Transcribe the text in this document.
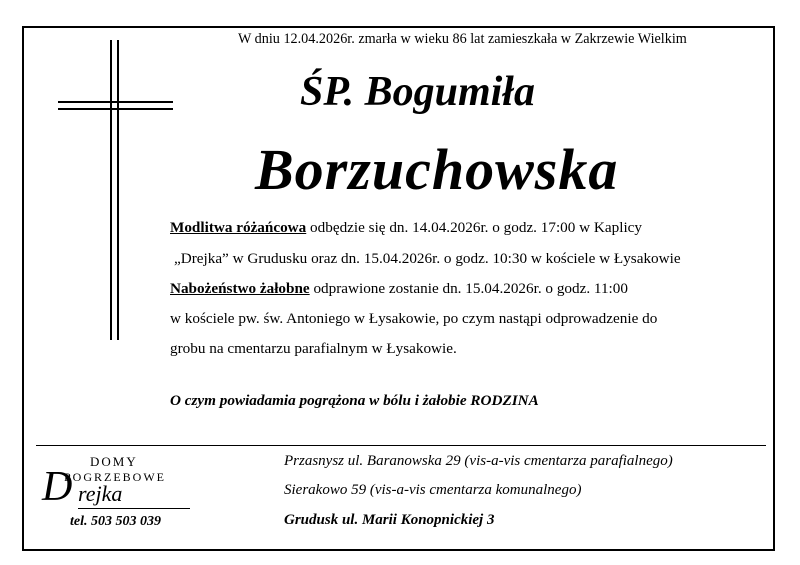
W dniu 12.04.2026r. zmarła w wieku 86 lat zamieszkała w Zakrzewie Wielkim
ŚP. Bogumiła
Borzuchowska
Modlitwa różańcowa odbędzie się dn. 14.04.2026r. o godz. 17:00 w Kaplicy
„Drejka” w Grudusku oraz dn. 15.04.2026r. o godz. 10:30 w kościele w Łysakowie
Nabożeństwo żałobne odprawione zostanie dn. 15.04.2026r. o godz. 11:00
w kościele pw. św. Antoniego w Łysakowie, po czym nastąpi odprowadzenie do
grobu na cmentarzu parafialnym w Łysakowie.
O czym powiadamia pogrążona w bólu i żałobie RODZINA
DOMY
POGRZEBOWE
D rejka
tel. 503 503 039
Przasnysz ul. Baranowska 29 (vis-a-vis cmentarza parafialnego)
Sierakowo 59 (vis-a-vis cmentarza komunalnego)
Grudusk ul. Marii Konopnickiej 3
